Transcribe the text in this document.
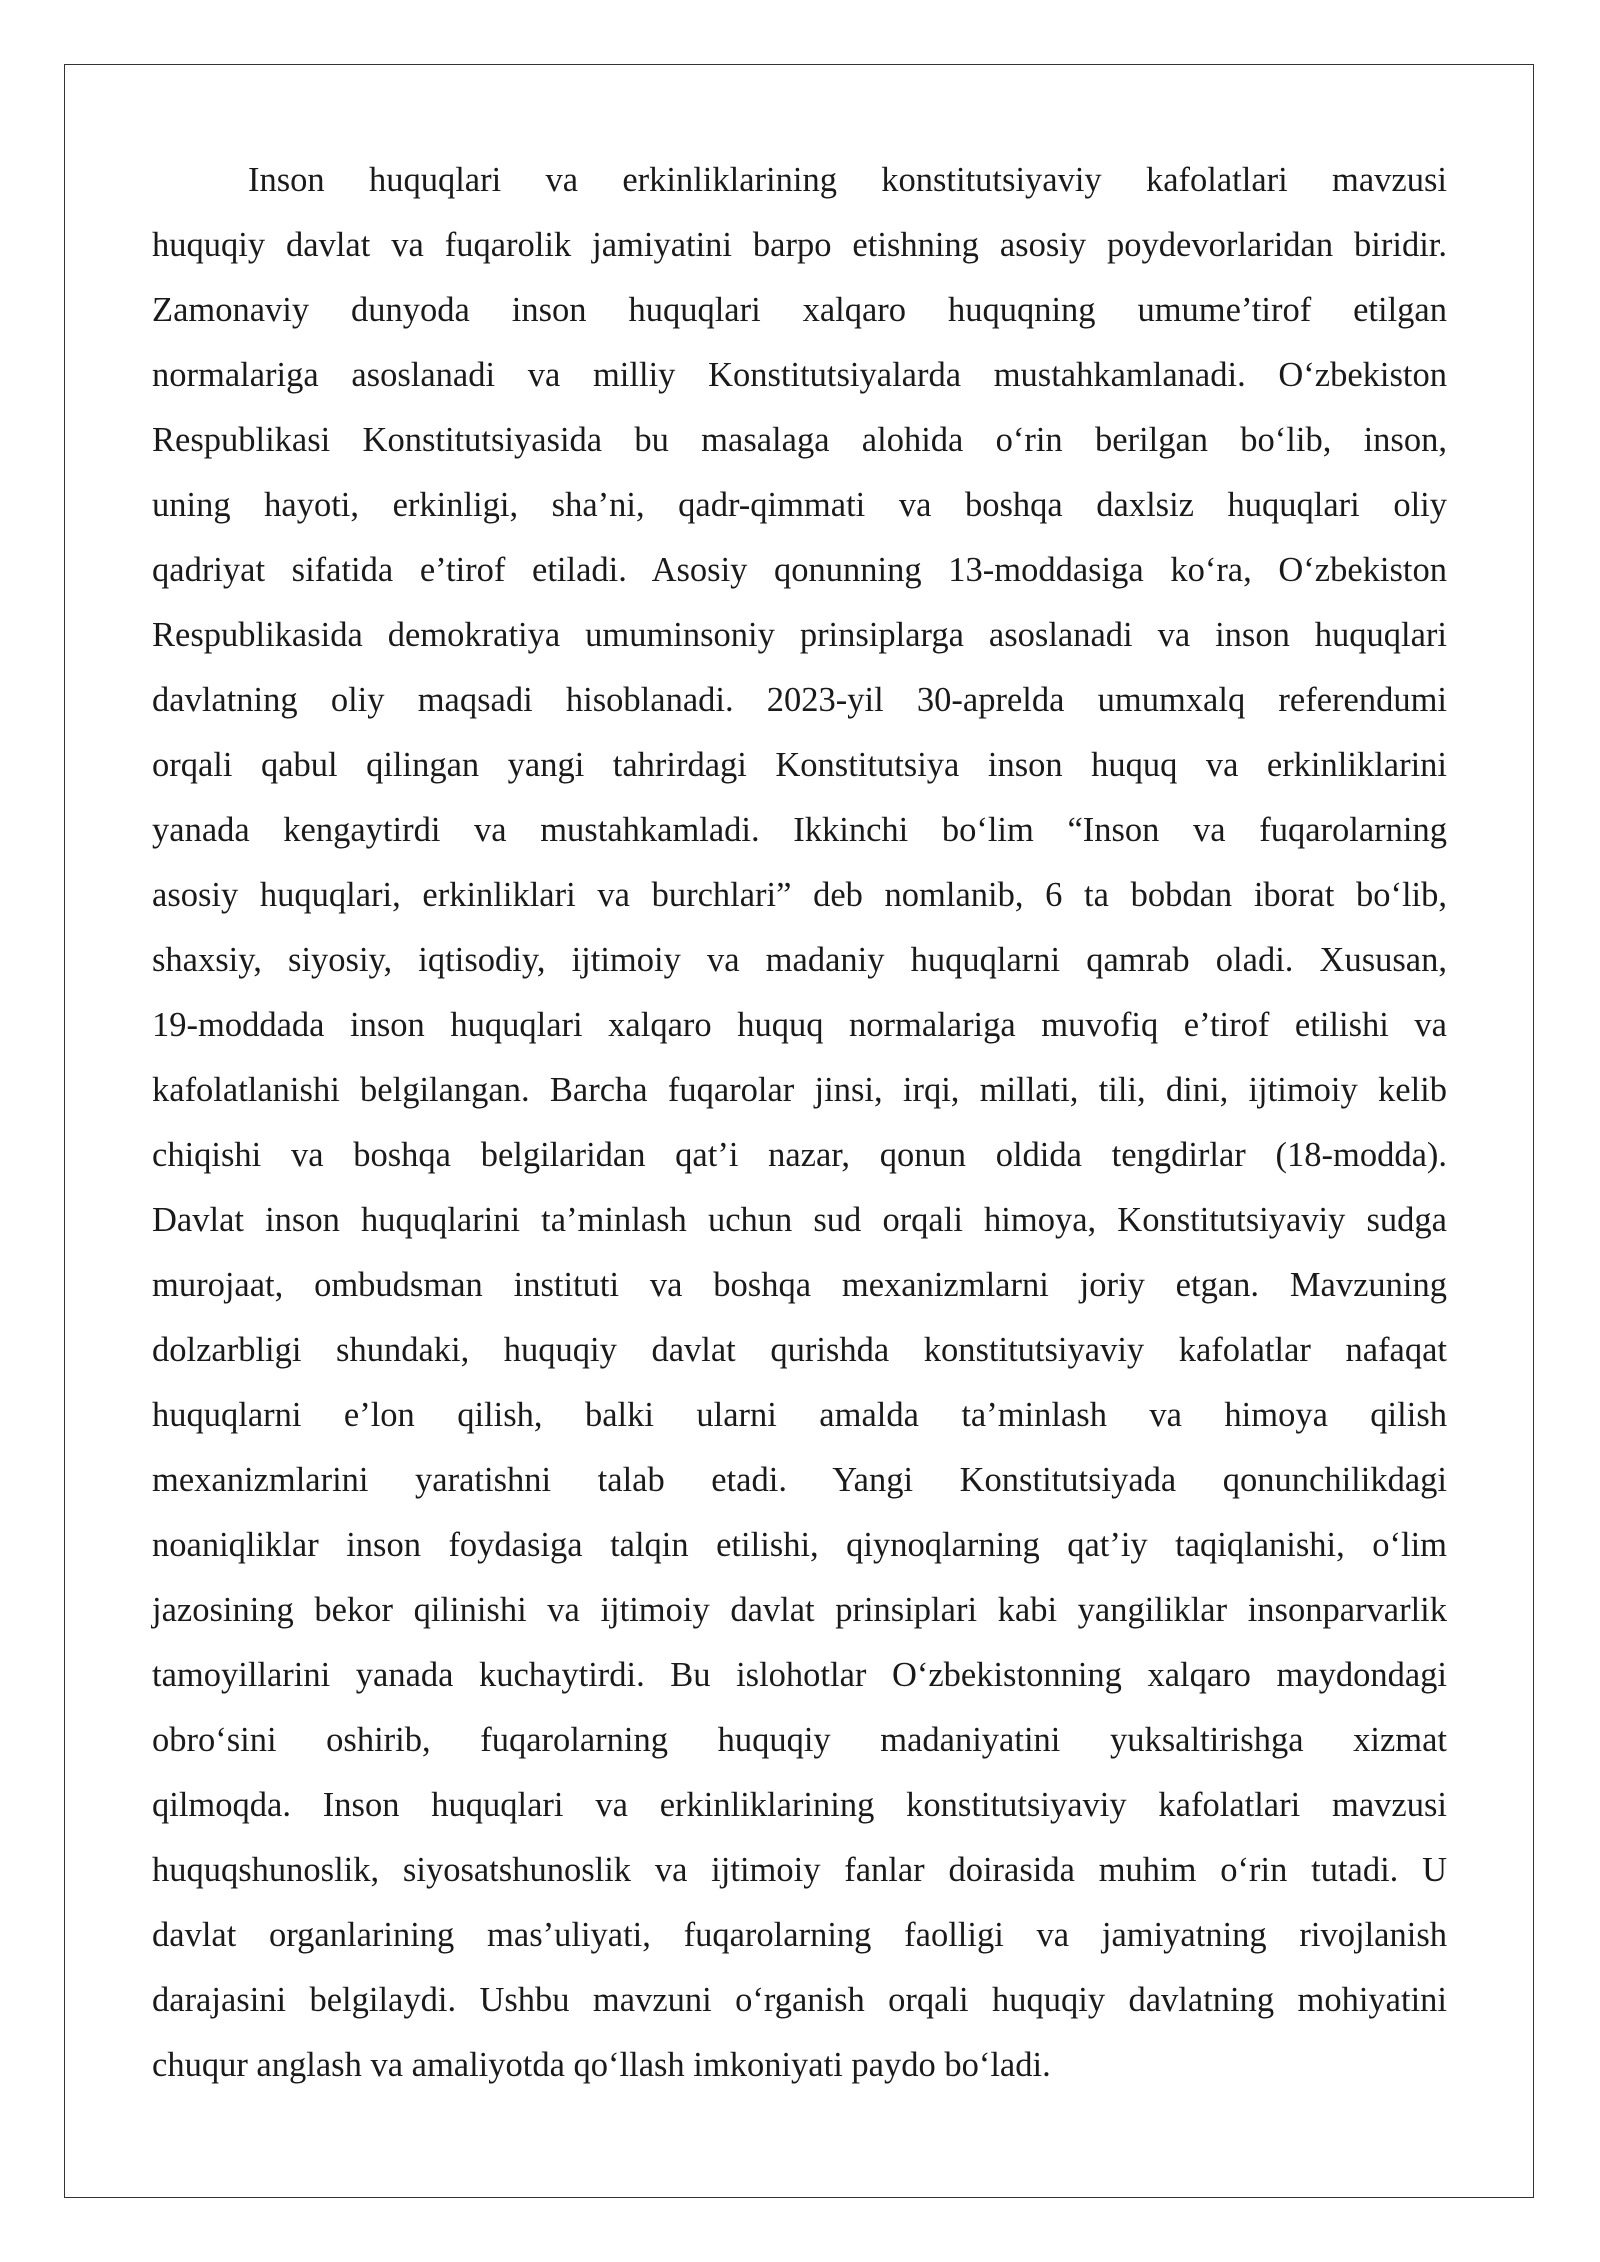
Inson huquqlari va erkinliklarining konstitutsiyaviy kafolatlari mavzusi
huquqiy davlat va fuqarolik jamiyatini barpo etishning asosiy poydevorlaridan biridir.
Zamonaviy dunyoda inson huquqlari xalqaro huquqning umume’tirof etilgan
normalariga asoslanadi va milliy Konstitutsiyalarda mustahkamlanadi. O‘zbekiston
Respublikasi Konstitutsiyasida bu masalaga alohida o‘rin berilgan bo‘lib, inson,
uning hayoti, erkinligi, sha’ni, qadr-qimmati va boshqa daxlsiz huquqlari oliy
qadriyat sifatida e’tirof etiladi. Asosiy qonunning 13-moddasiga ko‘ra, O‘zbekiston
Respublikasida demokratiya umuminsoniy prinsiplarga asoslanadi va inson huquqlari
davlatning oliy maqsadi hisoblanadi. 2023-yil 30-aprelda umumxalq referendumi
orqali qabul qilingan yangi tahrirdagi Konstitutsiya inson huquq va erkinliklarini
yanada kengaytirdi va mustahkamladi. Ikkinchi bo‘lim “Inson va fuqarolarning
asosiy huquqlari, erkinliklari va burchlari” deb nomlanib, 6 ta bobdan iborat bo‘lib,
shaxsiy, siyosiy, iqtisodiy, ijtimoiy va madaniy huquqlarni qamrab oladi. Xususan,
19-moddada inson huquqlari xalqaro huquq normalariga muvofiq e’tirof etilishi va
kafolatlanishi belgilangan. Barcha fuqarolar jinsi, irqi, millati, tili, dini, ijtimoiy kelib
chiqishi va boshqa belgilaridan qat’i nazar, qonun oldida tengdirlar (18-modda).
Davlat inson huquqlarini ta’minlash uchun sud orqali himoya, Konstitutsiyaviy sudga
murojaat, ombudsman instituti va boshqa mexanizmlarni joriy etgan. Mavzuning
dolzarbligi shundaki, huquqiy davlat qurishda konstitutsiyaviy kafolatlar nafaqat
huquqlarni e’lon qilish, balki ularni amalda ta’minlash va himoya qilish
mexanizmlarini yaratishni talab etadi. Yangi Konstitutsiyada qonunchilikdagi
noaniqliklar inson foydasiga talqin etilishi, qiynoqlarning qat’iy taqiqlanishi, o‘lim
jazosining bekor qilinishi va ijtimoiy davlat prinsiplari kabi yangiliklar insonparvarlik
tamoyillarini yanada kuchaytirdi. Bu islohotlar O‘zbekistonning xalqaro maydondagi
obro‘sini oshirib, fuqarolarning huquqiy madaniyatini yuksaltirishga xizmat
qilmoqda. Inson huquqlari va erkinliklarining konstitutsiyaviy kafolatlari mavzusi
huquqshunoslik, siyosatshunoslik va ijtimoiy fanlar doirasida muhim o‘rin tutadi. U
davlat organlarining mas’uliyati, fuqarolarning faolligi va jamiyatning rivojlanish
darajasini belgilaydi. Ushbu mavzuni o‘rganish orqali huquqiy davlatning mohiyatini
chuqur anglash va amaliyotda qo‘llash imkoniyati paydo bo‘ladi.
